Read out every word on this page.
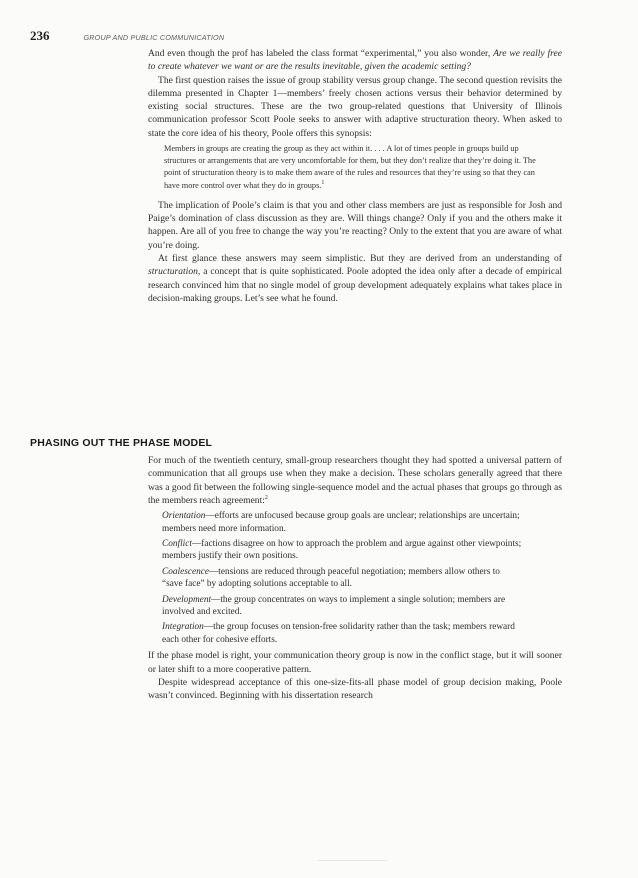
236	GROUP AND PUBLIC COMMUNICATION

And even though the prof has labeled the class format “experimental,” you also wonder, Are we really free to create whatever we want or are the results inevitable, given the academic setting?

The first question raises the issue of group stability versus group change. The second question revisits the dilemma presented in Chapter 1—members’ freely chosen actions versus their behavior determined by existing social structures. These are the two group-related questions that University of Illinois communication professor Scott Poole seeks to answer with adaptive structuration theory. When asked to state the core idea of his theory, Poole offers this synopsis:

Members in groups are creating the group as they act within it. . . . A lot of times people in groups build up structures or arrangements that are very uncomfortable for them, but they don’t realize that they’re doing it. The point of structuration theory is to make them aware of the rules and resources that they’re using so that they can have more control over what they do in groups.$^1$

The implication of Poole’s claim is that you and other class members are just as responsible for Josh and Paige’s domination of class discussion as they are. Will things change? Only if you and the others make it happen. Are all of you free to change the way you’re reacting? Only to the extent that you are aware of what you’re doing.

At first glance these answers may seem simplistic. But they are derived from an understanding of structuration, a concept that is quite sophisticated. Poole adopted the idea only after a decade of empirical research convinced him that no single model of group development adequately explains what takes place in decision-making groups. Let’s see what he found.

PHASING OUT THE PHASE MODEL

For much of the twentieth century, small-group researchers thought they had spotted a universal pattern of communication that all groups use when they make a decision. These scholars generally agreed that there was a good fit between the following single-sequence model and the actual phases that groups go through as the members reach agreement:$^2$

Orientation—efforts are unfocused because group goals are unclear; relationships are uncertain; members need more information.
Conflict—factions disagree on how to approach the problem and argue against other viewpoints; members justify their own positions.
Coalescence—tensions are reduced through peaceful negotiation; members allow others to “save face” by adopting solutions acceptable to all.
Development—the group concentrates on ways to implement a single solution; members are involved and excited.
Integration—the group focuses on tension-free solidarity rather than the task; members reward each other for cohesive efforts.

If the phase model is right, your communication theory group is now in the conflict stage, but it will sooner or later shift to a more cooperative pattern.

Despite widespread acceptance of this one-size-fits-all phase model of group decision making, Poole wasn’t convinced. Beginning with his dissertation research
